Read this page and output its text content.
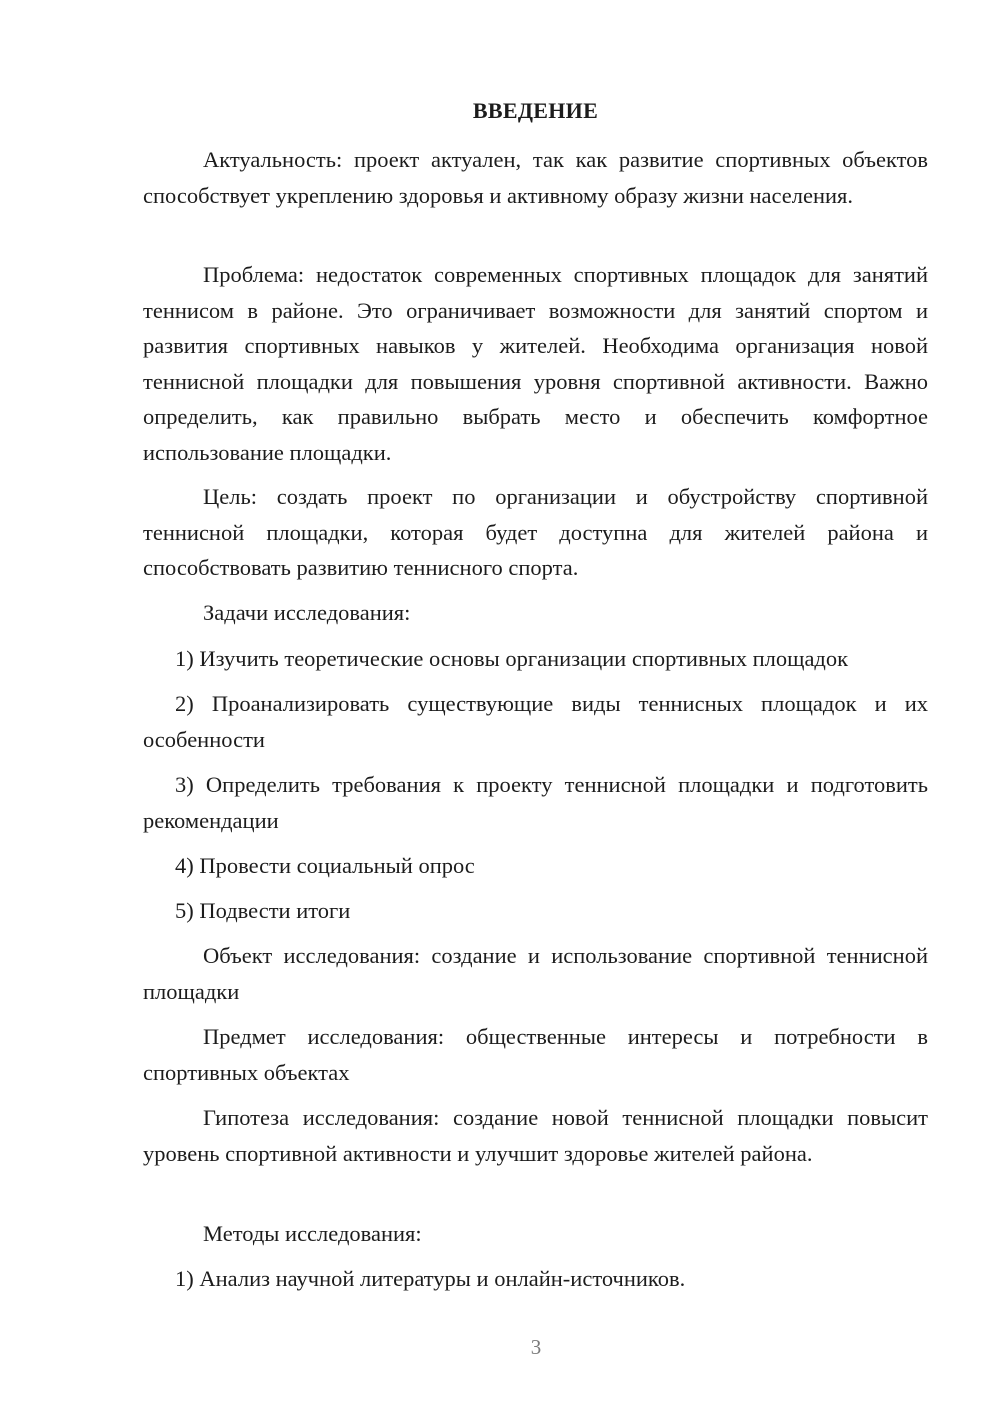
ВВЕДЕНИЕ
Актуальность: проект актуален, так как развитие спортивных объектов способствует укреплению здоровья и активному образу жизни населения.
Проблема: недостаток современных спортивных площадок для занятий теннисом в районе. Это ограничивает возможности для занятий спортом и развития спортивных навыков у жителей. Необходима организация новой теннисной площадки для повышения уровня спортивной активности. Важно определить, как правильно выбрать место и обеспечить комфортное использование площадки.
Цель: создать проект по организации и обустройству спортивной теннисной площадки, которая будет доступна для жителей района и способствовать развитию теннисного спорта.
Задачи исследования:
1) Изучить теоретические основы организации спортивных площадок
2) Проанализировать существующие виды теннисных площадок и их особенности
3) Определить требования к проекту теннисной площадки и подготовить рекомендации
4) Провести социальный опрос
5) Подвести итоги
Объект исследования: создание и использование спортивной теннисной площадки
Предмет исследования: общественные интересы и потребности в спортивных объектах
Гипотеза исследования: создание новой теннисной площадки повысит уровень спортивной активности и улучшит здоровье жителей района.
Методы исследования:
1) Анализ научной литературы и онлайн-источников.
3
